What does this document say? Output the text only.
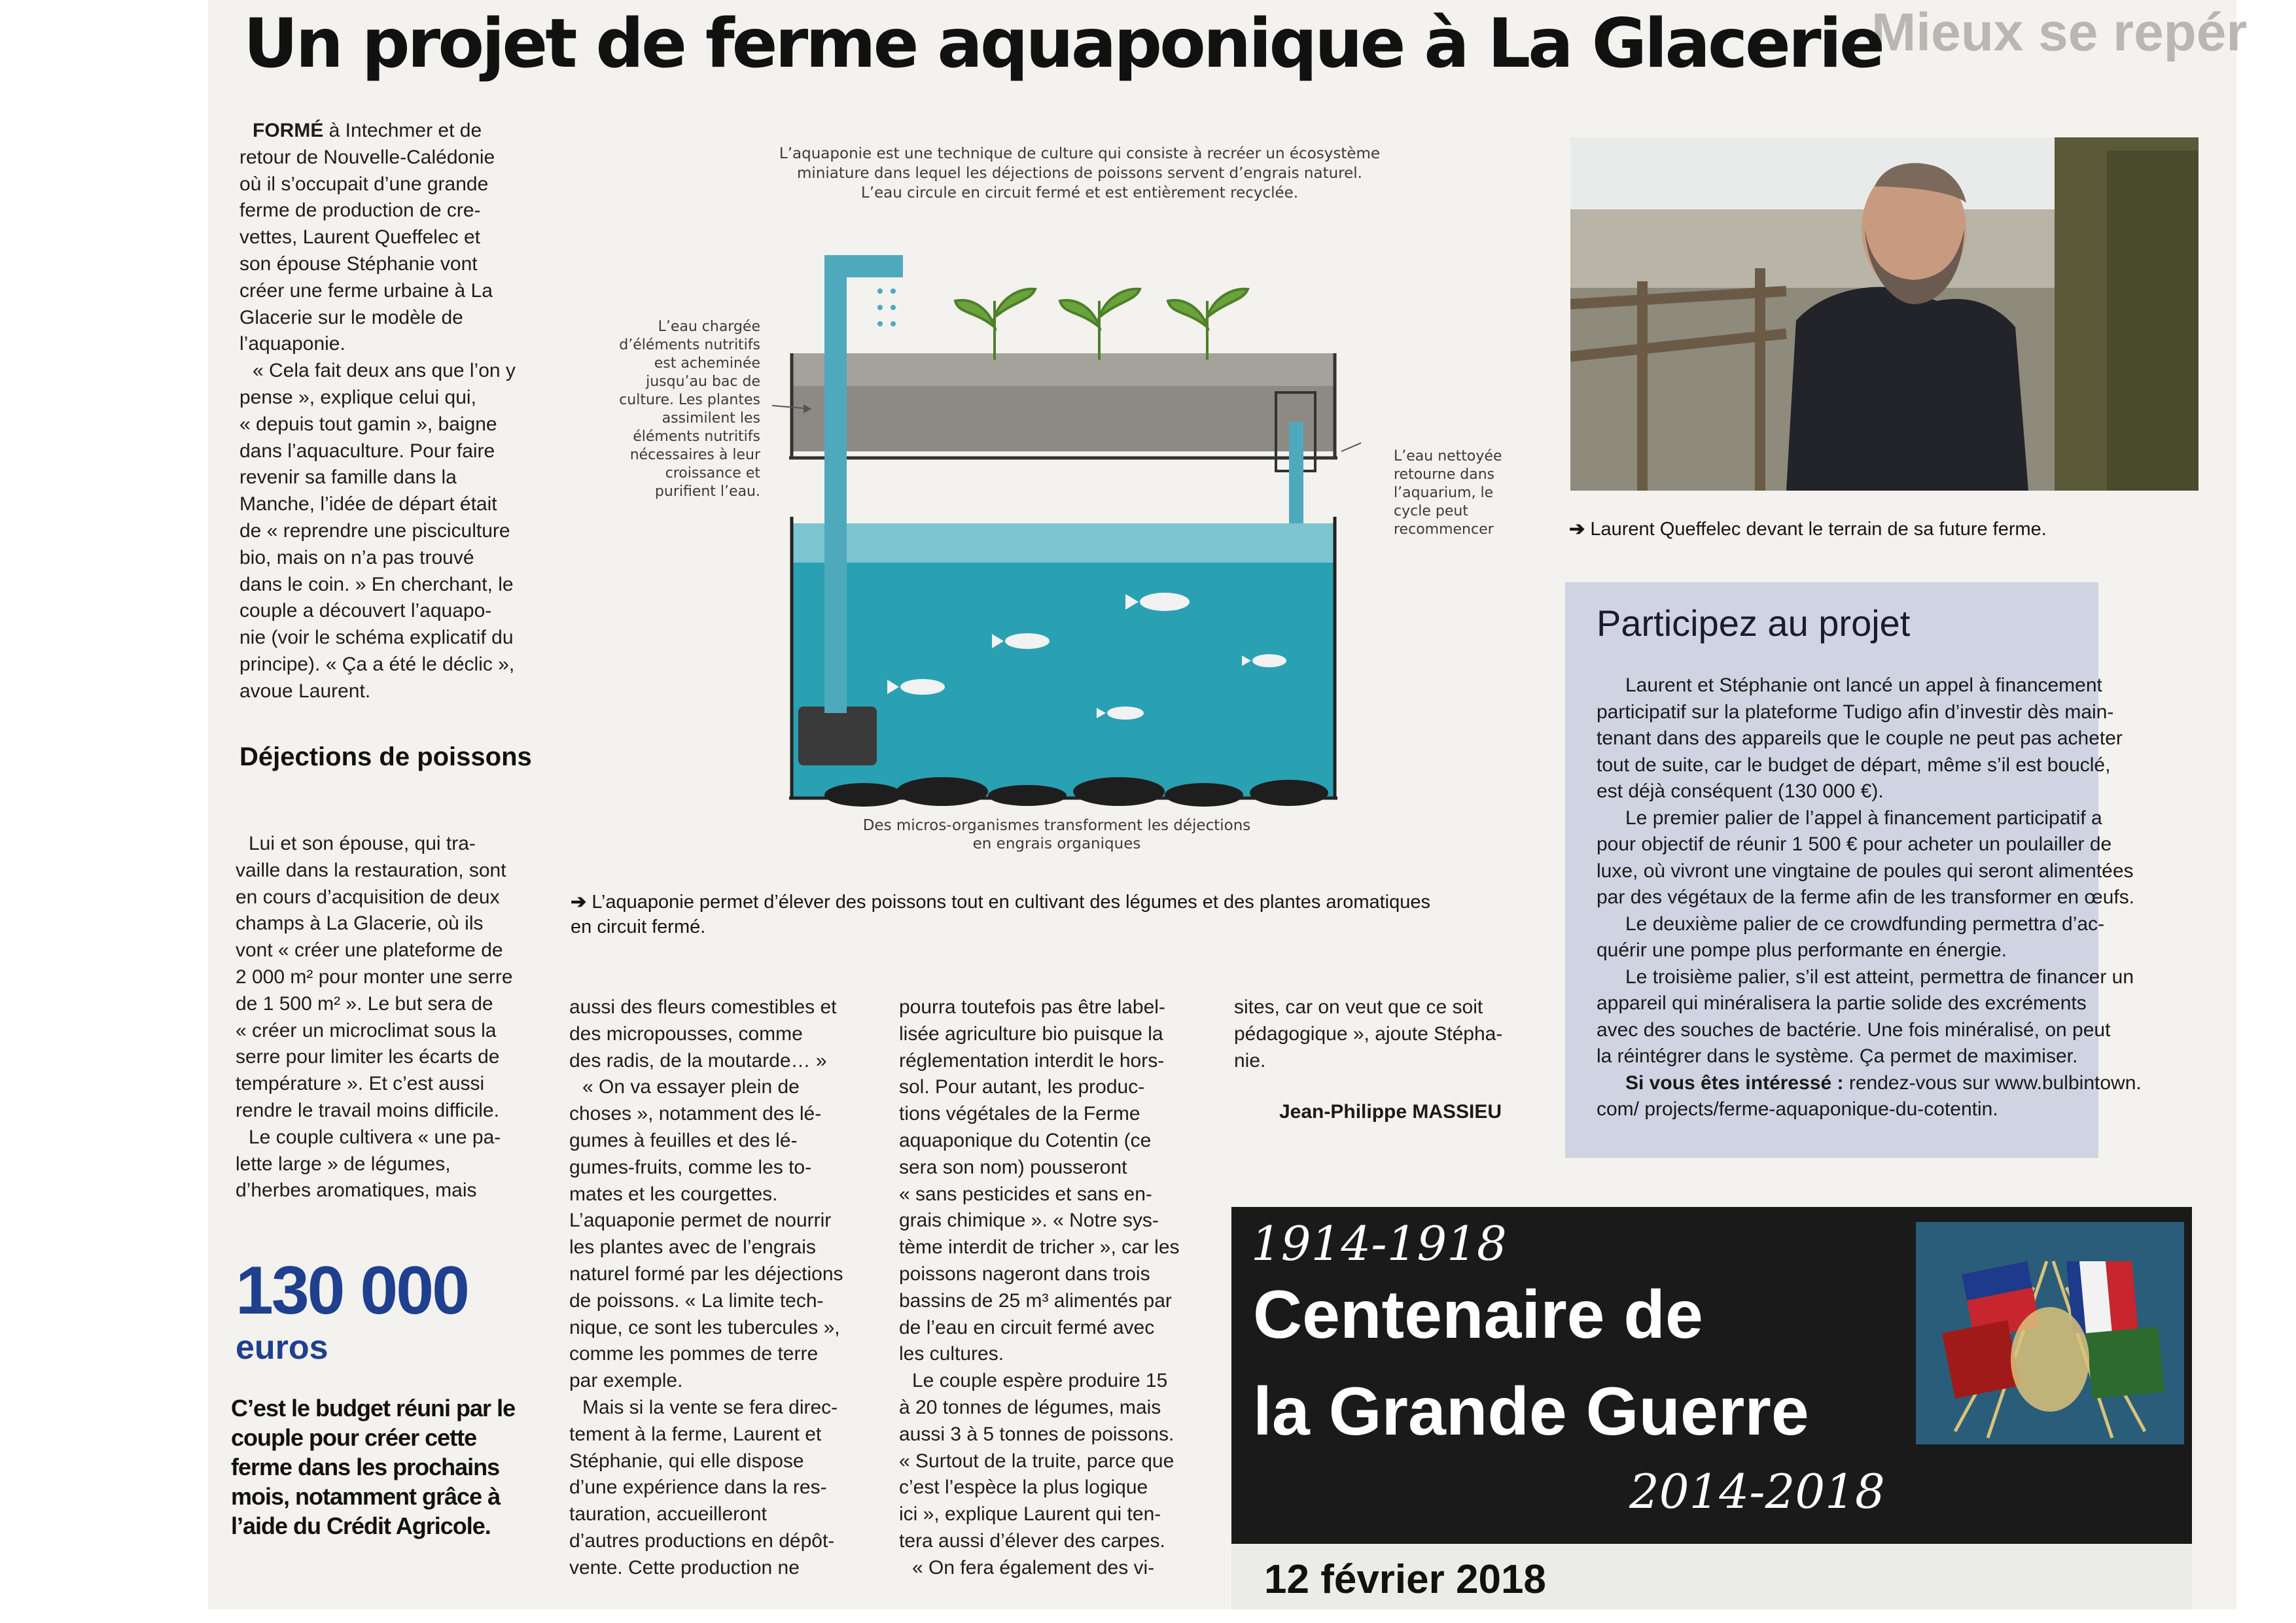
Mieux se repér
Un projet de ferme aquaponique à La Glacerie

FORMÉ à Intechmer et de
retour de Nouvelle-Calédonie
où il s’occupait d’une grande
ferme de production de cre-
vettes, Laurent Queffelec et
son épouse Stéphanie vont
créer une ferme urbaine à La
Glacerie sur le modèle de
l’aquaponie.

« Cela fait deux ans que l’on y
pense », explique celui qui,
« depuis tout gamin », baigne
dans l’aquaculture. Pour faire
revenir sa famille dans la
Manche, l’idée de départ était
de « reprendre une pisciculture
bio, mais on n’a pas trouvé
dans le coin. » En cherchant, le
couple a découvert l’aquapo-
nie (voir le schéma explicatif du
principe). « Ça a été le déclic »,
avoue Laurent.

Déjections de poissons

Lui et son épouse, qui tra-
vaille dans la restauration, sont
en cours d’acquisition de deux
champs à La Glacerie, où ils
vont « créer une plateforme de
2 000 m² pour monter une serre
de 1 500 m² ». Le but sera de
« créer un microclimat sous la
serre pour limiter les écarts de
température ». Et c’est aussi
rendre le travail moins difficile.

Le couple cultivera « une pa-
lette large » de légumes,
d’herbes aromatiques, mais

130 000
euros
C’est le budget réuni par le
couple pour créer cette
ferme dans les prochains
mois, notamment grâce à
l’aide du Crédit Agricole.
L’aquaponie est une technique de culture qui consiste à recréer un écosystème
miniature dans lequel les déjections de poissons servent d’engrais naturel.
L’eau circule en circuit fermé et est entièrement recyclée.
L’eau chargée
d’éléments nutritifs
est acheminée
jusqu’au bac de
culture. Les plantes
assimilent les
éléments nutritifs
nécessaires à leur
croissance et
purifient l’eau.
L’eau nettoyée
retourne dans
l’aquarium, le
cycle peut
recommencer
Des micros-organismes transforment les déjections
en engrais organiques
➔ L’aquaponie permet d’élever des poissons tout en cultivant des légumes et des plantes aromatiques
en circuit fermé.

aussi des fleurs comestibles et
des micropousses, comme
des radis, de la moutarde… »
« On va essayer plein de
choses », notamment des lé-
gumes à feuilles et des lé-
gumes-fruits, comme les to-
mates et les courgettes.
L’aquaponie permet de nourrir
les plantes avec de l’engrais
naturel formé par les déjections
de poissons. « La limite tech-
nique, ce sont les tubercules »,
comme les pommes de terre
par exemple.
Mais si la vente se fera direc-
tement à la ferme, Laurent et
Stéphanie, qui elle dispose
d’une expérience dans la res-
tauration, accueilleront
d’autres productions en dépôt-
vente. Cette production ne

pourra toutefois pas être label-
lisée agriculture bio puisque la
réglementation interdit le hors-
sol. Pour autant, les produc-
tions végétales de la Ferme
aquaponique du Cotentin (ce
sera son nom) pousseront
« sans pesticides et sans en-
grais chimique ». « Notre sys-
tème interdit de tricher », car les
poissons nageront dans trois
bassins de 25 m³ alimentés par
de l’eau en circuit fermé avec
les cultures.
Le couple espère produire 15
à 20 tonnes de légumes, mais
aussi 3 à 5 tonnes de poissons.
« Surtout de la truite, parce que
c’est l’espèce la plus logique
ici », explique Laurent qui ten-
tera aussi d’élever des carpes.
« On fera également des vi-

sites, car on veut que ce soit
pédagogique », ajoute Stépha-
nie.
Jean-Philippe MASSIEU
➔ Laurent Queffelec devant le terrain de sa future ferme.
Participez au projet

Laurent et Stéphanie ont lancé un appel à financement
participatif sur la plateforme Tudigo afin d’investir dès main-
tenant dans des appareils que le couple ne peut pas acheter
tout de suite, car le budget de départ, même s’il est bouclé,
est déjà conséquent (130 000 €).

Le premier palier de l’appel à financement participatif a
pour objectif de réunir 1 500 € pour acheter un poulailler de
luxe, où vivront une vingtaine de poules qui seront alimentées
par des végétaux de la ferme afin de les transformer en œufs.

Le deuxième palier de ce crowdfunding permettra d’ac-
quérir une pompe plus performante en énergie.

Le troisième palier, s’il est atteint, permettra de financer un
appareil qui minéralisera la partie solide des excréments
avec des souches de bactérie. Une fois minéralisé, on peut
la réintégrer dans le système. Ça permet de maximiser.

Si vous êtes intéressé : rendez-vous sur www.bulbintown.
com/ projects/ferme-aquaponique-du-cotentin.

1914-1918
Centenaire de
la Grande Guerre
2014-2018
12 février 2018
